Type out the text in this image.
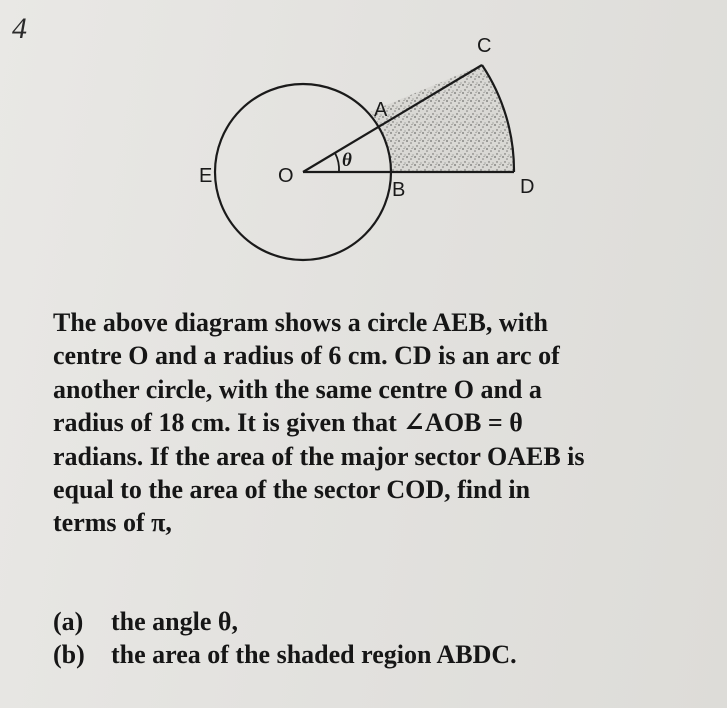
4
C
A
θ
E	O
B	D

The above diagram shows a circle AEB, with

centre O and a radius of 6 cm. CD is an arc of

another circle, with the same centre O and a

radius of 18 cm. It is given that ∠AOB = θ

radians. If the area of the major sector OAEB is

equal to the area of the sector COD, find in

terms of π,

(a) the angle θ,

(b) the area of the shaded region ABDC.
